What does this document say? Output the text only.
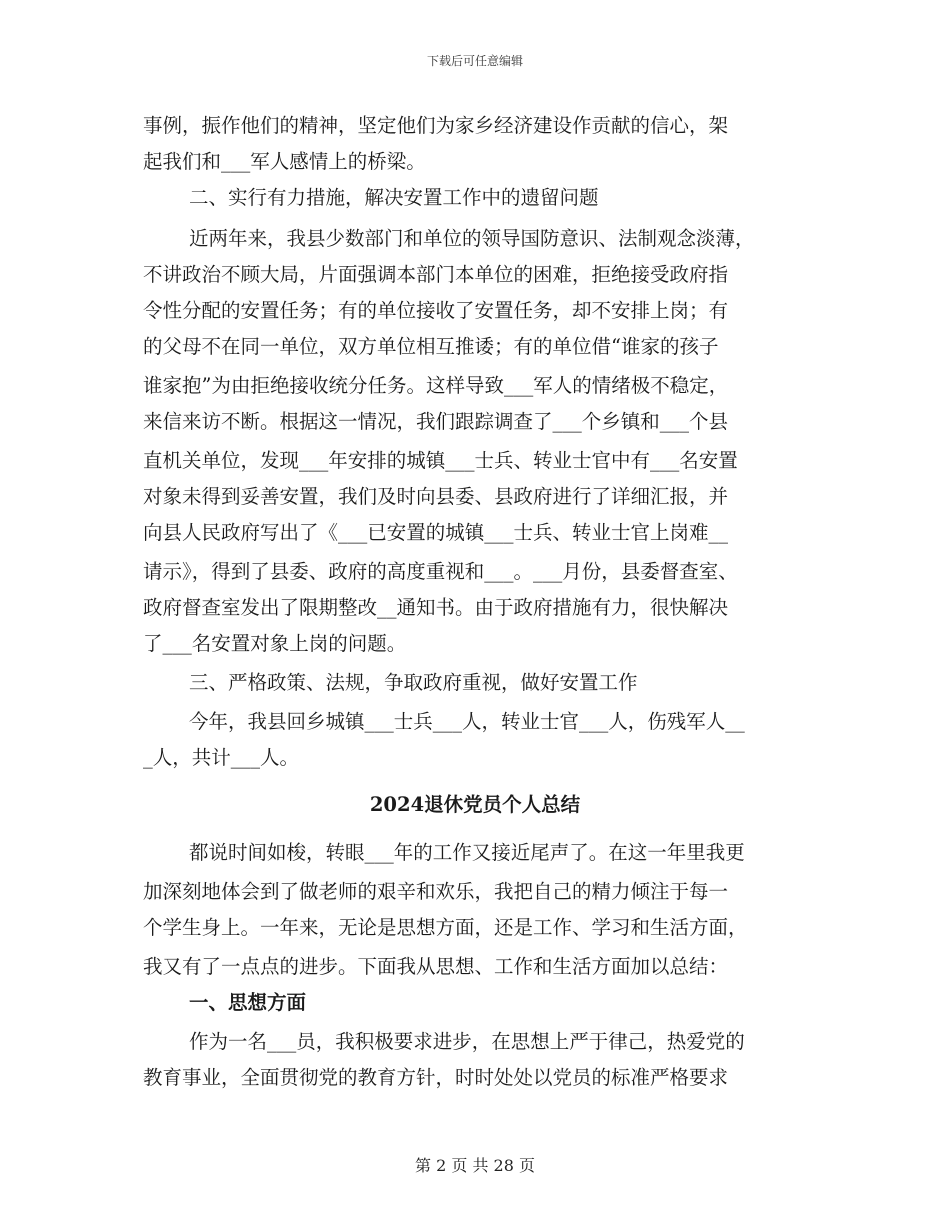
下载后可任意编辑
事例，振作他们的精神，坚定他们为家乡经济建设作贡献的信心，架
起我们和___军人感情上的桥梁。
二、实行有力措施，解决安置工作中的遗留问题
近两年来，我县少数部门和单位的领导国防意识、法制观念淡薄，
不讲政治不顾大局，片面强调本部门本单位的困难，拒绝接受政府指
令性分配的安置任务；有的单位接收了安置任务，却不安排上岗；有
的父母不在同一单位，双方单位相互推诿；有的单位借“谁家的孩子
谁家抱”为由拒绝接收统分任务。这样导致___军人的情绪极不稳定，
来信来访不断。根据这一情况，我们跟踪调查了___个乡镇和___个县
直机关单位，发现___年安排的城镇___士兵、转业士官中有___名安置
对象未得到妥善安置，我们及时向县委、县政府进行了详细汇报，并
向县人民政府写出了《___已安置的城镇___士兵、转业士官上岗难__
请示》，得到了县委、政府的高度重视和___。___月份，县委督查室、
政府督查室发出了限期整改__通知书。由于政府措施有力，很快解决
了___名安置对象上岗的问题。
三、严格政策、法规，争取政府重视，做好安置工作
今年，我县回乡城镇___士兵___人，转业士官___人，伤残军人__
_人，共计___人。
2024退休党员个人总结
都说时间如梭，转眼___年的工作又接近尾声了。在这一年里我更
加深刻地体会到了做老师的艰辛和欢乐，我把自己的精力倾注于每一
个学生身上。一年来，无论是思想方面，还是工作、学习和生活方面，
我又有了一点点的进步。下面我从思想、工作和生活方面加以总结：
一、思想方面
作为一名___员，我积极要求进步，在思想上严于律己，热爱党的
教育事业，全面贯彻党的教育方针，时时处处以党员的标准严格要求
第 2 页 共 28 页
